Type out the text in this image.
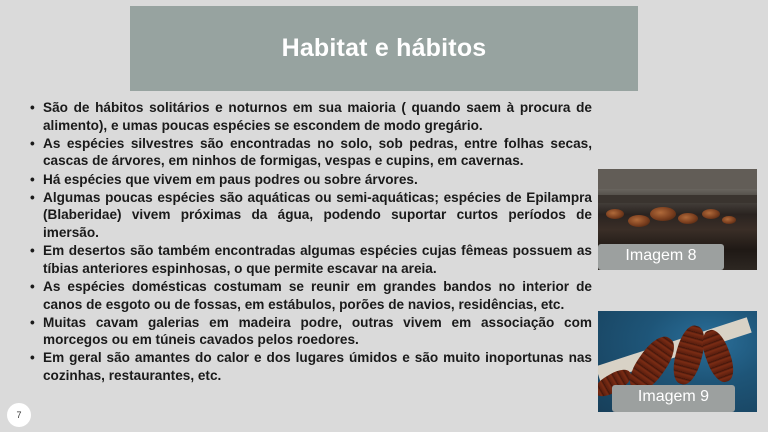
Habitat e hábitos
• São de hábitos solitários e noturnos em sua maioria ( quando saem à procura de alimento), e umas poucas espécies se escondem de modo gregário.
• As espécies silvestres são encontradas no solo, sob pedras, entre folhas secas, cascas de árvores, em ninhos de formigas, vespas e cupins, em cavernas.
• Há espécies que vivem em paus podres ou sobre árvores.
• Algumas poucas espécies são aquáticas ou semi-aquáticas; espécies de Epilampra (Blaberidae) vivem próximas da água, podendo suportar curtos períodos de imersão.
• Em desertos são também encontradas algumas espécies cujas fêmeas possuem as tíbias anteriores espinhosas, o que permite escavar na areia.
• As espécies domésticas costumam se reunir em grandes bandos no interior de canos de esgoto ou de fossas, em estábulos, porões de navios, residências, etc.
• Muitas cavam galerias em madeira podre, outras vivem em associação com morcegos ou em túneis cavados pelos roedores.
• Em geral são amantes do calor e dos lugares úmidos e são muito inoportunas nas cozinhas, restaurantes, etc.
Imagem 8
Imagem 9
7
